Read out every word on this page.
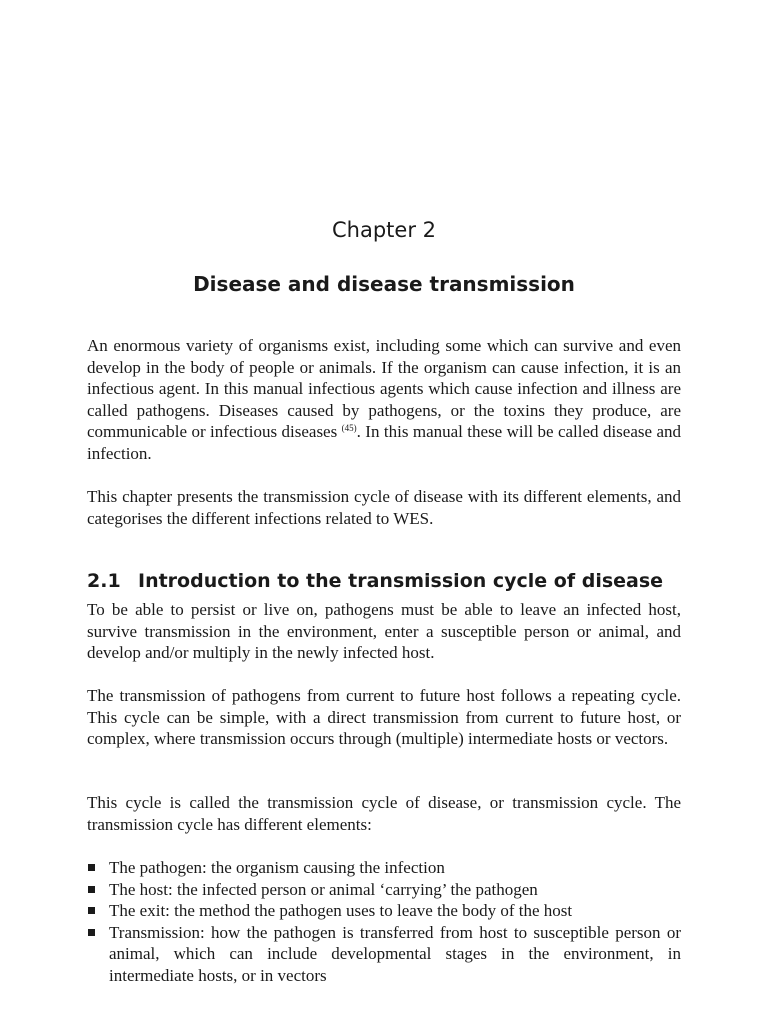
Chapter 2
Disease and disease transmission

An enormous variety of organisms exist, including some which can survive and even develop in the body of people or animals. If the organism can cause infection, it is an infectious agent. In this manual infectious agents which cause infection and illness are called pathogens. Diseases caused by pathogens, or the toxins they produce, are communicable or infectious diseases $^{(45)}$. In this manual these will be called disease and infection.

This chapter presents the transmission cycle of disease with its different elements, and categorises the different infections related to WES.

2.1 Introduction to the transmission cycle of disease

To be able to persist or live on, pathogens must be able to leave an infected host, survive transmission in the environment, enter a susceptible person or animal, and develop and/or multiply in the newly infected host.

The transmission of pathogens from current to future host follows a repeating cycle. This cycle can be simple, with a direct transmission from current to future host, or complex, where transmission occurs through (multiple) intermediate hosts or vectors.

This cycle is called the transmission cycle of disease, or transmission cycle. The transmission cycle has different elements:

The pathogen: the organism causing the infection
The host: the infected person or animal ‘carrying’ the pathogen
The exit: the method the pathogen uses to leave the body of the host
Transmission: how the pathogen is transferred from host to susceptible person or animal, which can include developmental stages in the environment, in intermediate hosts, or in vectors
